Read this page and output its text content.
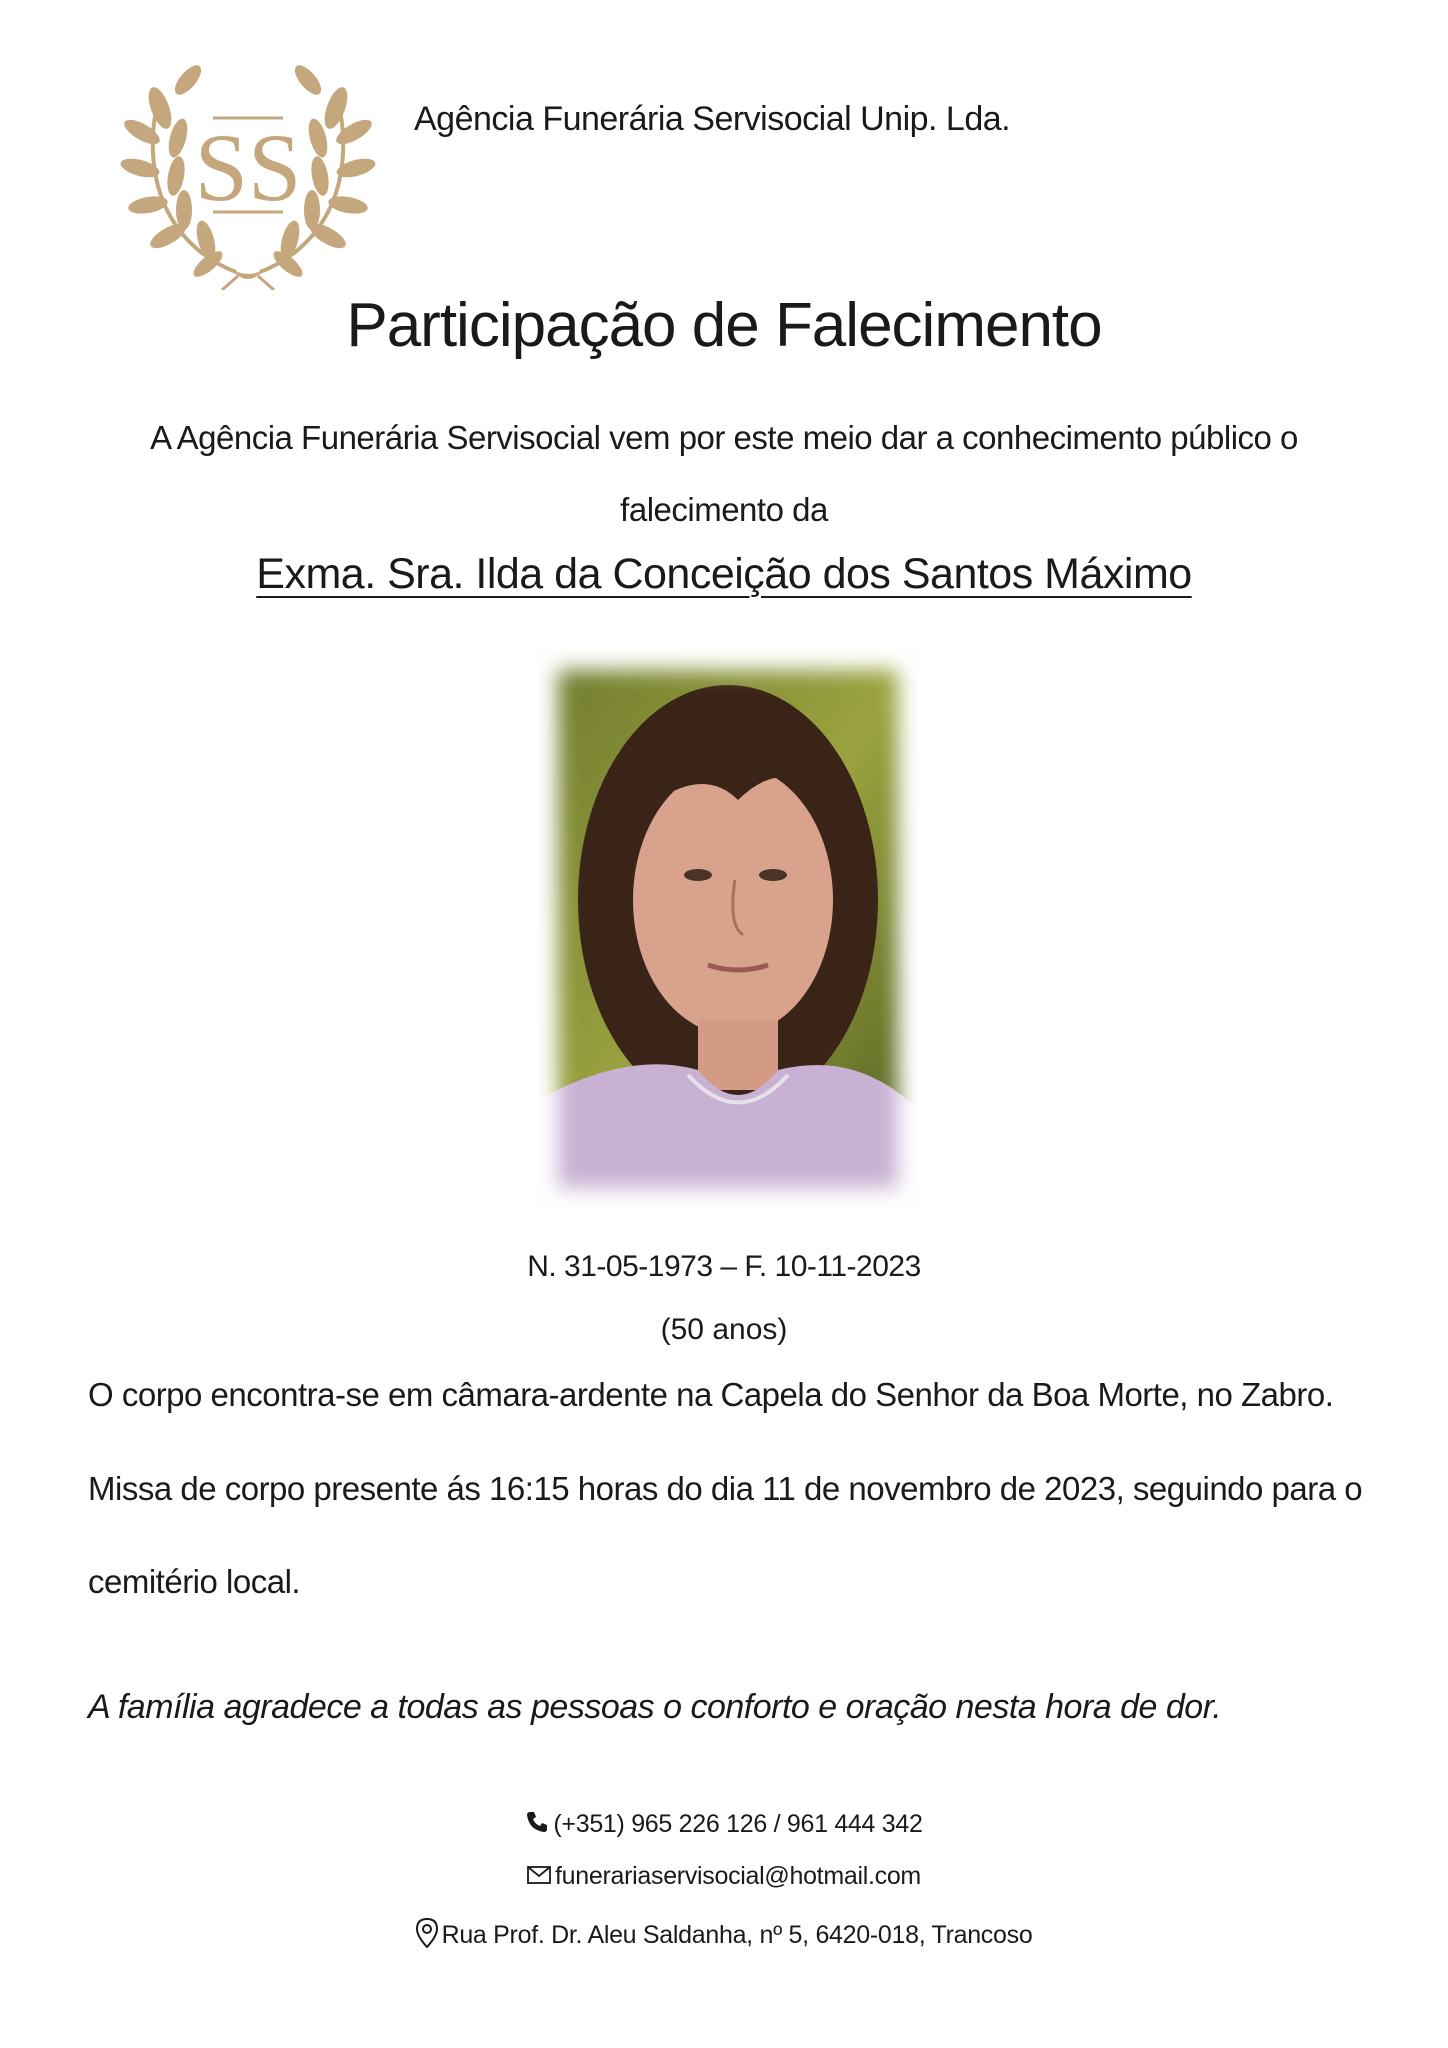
SS	Agência Funerária Servisocial Unip. Lda.
Participação de Falecimento
A Agência Funerária Servisocial vem por este meio dar a conhecimento público o
falecimento da
Exma. Sra. Ilda da Conceição dos Santos Máximo
N. 31-05-1973 – F. 10-11-2023
(50 anos)
O corpo encontra-se em câmara-ardente na Capela do Senhor da Boa Morte, no Zabro.
Missa de corpo presente ás 16:15 horas do dia 11 de novembro de 2023, seguindo para o
cemitério local.
A família agradece a todas as pessoas o conforto e oração nesta hora de dor.
(+351) 965 226 126 / 961 444 342
funerariaservisocial@hotmail.com
Rua Prof. Dr. Aleu Saldanha, nº 5, 6420-018, Trancoso
